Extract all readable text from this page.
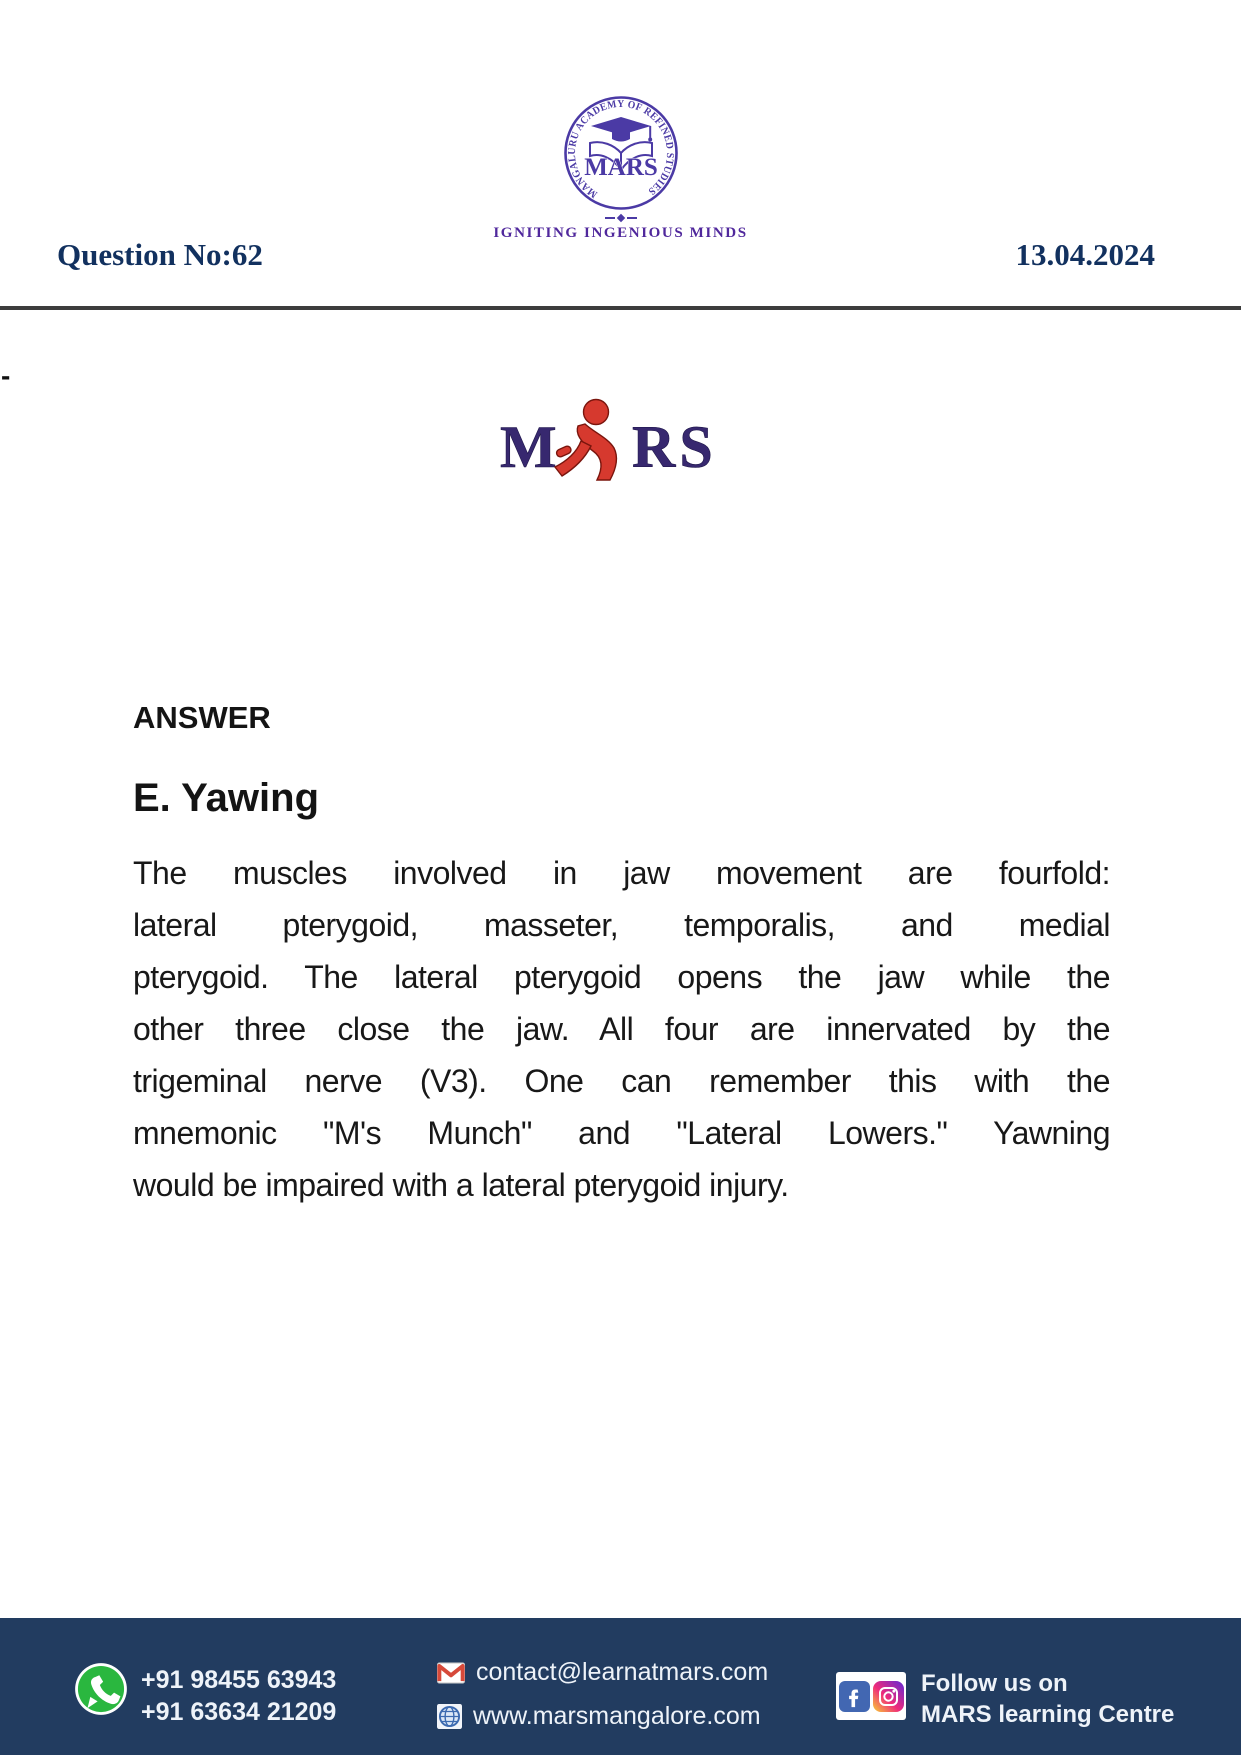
MANGALURU ACADEMY OF REFINED STUDIES
MARS
IGNITING INGENIOUS MINDS
Question No:62	13.04.2024
-
M RS
ANSWER
E. Yawing
The muscles involved in jaw movement are fourfold:
lateral pterygoid, masseter, temporalis, and medial
pterygoid. The lateral pterygoid opens the jaw while the
other three close the jaw. All four are innervated by the
trigeminal nerve (V3). One can remember this with the
mnemonic "M's Munch" and "Lateral Lowers." Yawning
would be impaired with a lateral pterygoid injury.
+91 98455 63943
+91 63634 21209
contact@learnatmars.com
www.marsmangalore.com
Follow us on
MARS learning Centre
